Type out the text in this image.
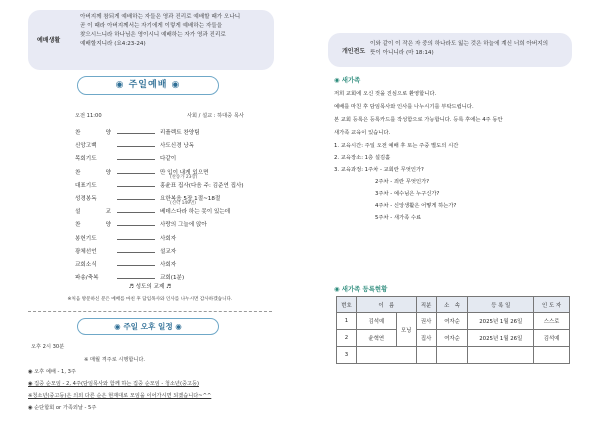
예배생활
아버지께 참되게 예배하는 자들은 영과 진리로 예배할 때가 오나니
곧 이 때라 아버지께서는 자기에게 이렇게 예배하는 자들을
찾으시느니라 하나님은 영이시니 예배하는 자가 영과 진리로
예배할지니라 (요4:23-24)
◉ 주일예배 ◉
오전 11:00	사회 / 설교 : 하대중 목사
찬　양	리플렉트 찬양팀
신앙고백	사도신경 낭독
목회기도	다같이
찬　양	만 입이 내게 있으면
(찬송가 23장)
대표기도	홍윤표 집사(다음 주: 김준연 집사)
성경봉독	요한복음 5장 1절~18절
(신약 149면)
설　교	베데스다라 하는 못이 있는데
찬　양	사랑의 그늘에 앉아
봉헌기도	사회자
광체선언	설교자
교회소식	사회자
파송/축복	교회(1분)
♬ 성도의 교제 ♬
※처음 방문하신 분은 예배를 마친 후 담임목사와 인사를 나누시면 감사하겠습니다.
◉ 주일 오후 일정 ◉
오후 2시 30분
※ 매월 격주로 시행합니다.
◉ 오후 예배 - 1, 3주
◉ 집중 순모임 - 2, 4주(담임목사와 함께 하는 집중 순모임 - 청소년(중고등)
※청소년(중고등)은 의외 다른 순은 현재대로 모임을 이어가시면 되겠습니다~^^
◉ 순단합회 or 가족외날 - 5주
개인전도
이와 같이 이 작은 자 중의 하나라도 잃는 것은 하늘에 계신 너희 아버지의
뜻이 아니니라 (마 18:14)
◉ 새가족
저희 교회에 오신 것을 진심으로 환영합니다.
예배를 마친 후 담임목사와 인사를 나누시기를 부탁드립니다.
본 교회 등록은 등록카드를 작성함으로 가능합니다. 등록 후에는 4주 동안
새가족 교육이 있습니다.
1. 교육시간: 주일 오전 예배 후 또는 주중 별도의 시간
2. 교육장소: 1층 설김홀
3. 교육과정: 1주차 - 교회란 무엇인가?
2주차 - 죄란 무엇인가?
3주차 - 예수님은 누구신가?
4주차 - 신앙생활은 어떻게 하는가?
5주차 - 새가족 수료
◉ 새가족 등록현황
번호	이　름		직분	소　속	등 록 일	인 도 자
1	김석예	모닝	권사	여자순	2025년 1월 26일	스스로
2	윤혁연		집사	여자순	2025년 1월 26일	김석예
3						
